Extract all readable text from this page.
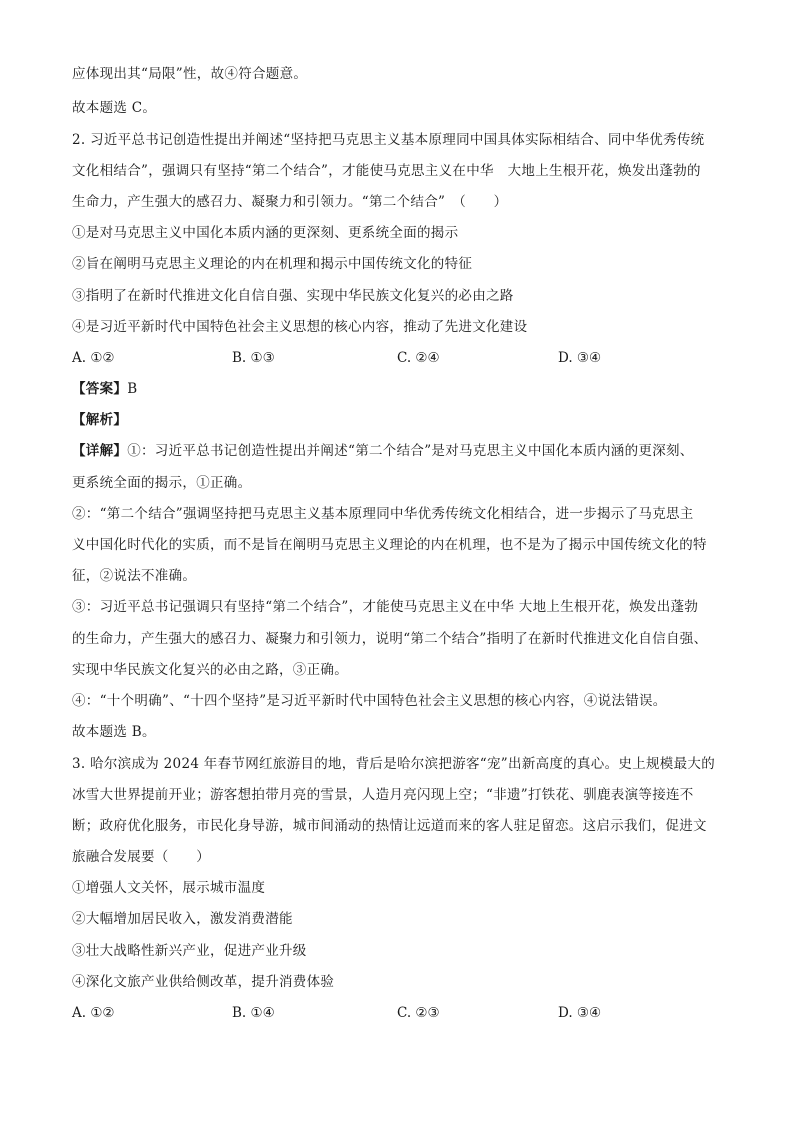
应体现出其“局限”性，故④符合题意。
故本题选 C。
2. 习近平总书记创造性提出并阐述“坚持把马克思主义基本原理同中国具体实际相结合、同中华优秀传统
文化相结合”，强调只有坚持“第二个结合”，才能使马克思主义在中华　大地上生根开花，焕发出蓬勃的
生命力，产生强大的感召力、凝聚力和引领力。“第二个结合”　（　　）
①是对马克思主义中国化本质内涵的更深刻、更系统全面的揭示
②旨在阐明马克思主义理论的内在机理和揭示中国传统文化的特征
③指明了在新时代推进文化自信自强、实现中华民族文化复兴的必由之路
④是习近平新时代中国特色社会主义思想的核心内容，推动了先进文化建设
A. ①②	B. ①③	C. ②④	D. ③④
【答案】B
【解析】
【详解】①：习近平总书记创造性提出并阐述“第二个结合”是对马克思主义中国化本质内涵的更深刻、
更系统全面的揭示，①正确。
②：“第二个结合”强调坚持把马克思主义基本原理同中华优秀传统文化相结合，进一步揭示了马克思主
义中国化时代化的实质，而不是旨在阐明马克思主义理论的内在机理，也不是为了揭示中国传统文化的特
征，②说法不准确。
③：习近平总书记强调只有坚持“第二个结合”，才能使马克思主义在中华 大地上生根开花，焕发出蓬勃
的生命力，产生强大的感召力、凝聚力和引领力，说明“第二个结合”指明了在新时代推进文化自信自强、
实现中华民族文化复兴的必由之路，③正确。
④：“十个明确”、“十四个坚持”是习近平新时代中国特色社会主义思想的核心内容，④说法错误。
故本题选 B。
3. 哈尔滨成为 2024 年春节网红旅游目的地，背后是哈尔滨把游客“宠”出新高度的真心。史上规模最大的
冰雪大世界提前开业；游客想拍带月亮的雪景，人造月亮闪现上空；“非遗”打铁花、驯鹿表演等接连不
断；政府优化服务，市民化身导游，城市间涌动的热情让远道而来的客人驻足留恋。这启示我们，促进文
旅融合发展要（　　）
①增强人文关怀，展示城市温度
②大幅增加居民收入，激发消费潜能
③壮大战略性新兴产业，促进产业升级
④深化文旅产业供给侧改革，提升消费体验
A. ①②	B. ①④	C. ②③	D. ③④
